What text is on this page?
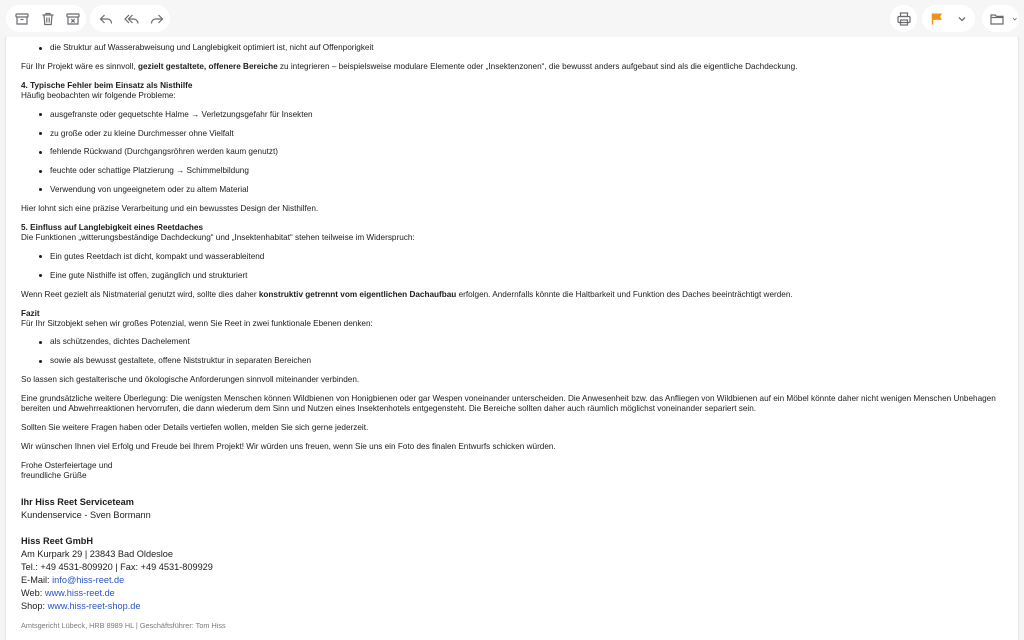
die Struktur auf Wasserabweisung und Langlebigkeit optimiert ist, nicht auf Offenporigkeit

Für Ihr Projekt wäre es sinnvoll, gezielt gestaltete, offenere Bereiche zu integrieren – beispielsweise modulare Elemente oder „Insektenzonen“, die bewusst anders aufgebaut sind als die eigentliche Dachdeckung.

4. Typische Fehler beim Einsatz als Nisthilfe

Häufig beobachten wir folgende Probleme:

ausgefranste oder gequetschte Halme → Verletzungsgefahr für Insekten
zu große oder zu kleine Durchmesser ohne Vielfalt
fehlende Rückwand (Durchgangsröhren werden kaum genutzt)
feuchte oder schattige Platzierung → Schimmelbildung
Verwendung von ungeeignetem oder zu altem Material

Hier lohnt sich eine präzise Verarbeitung und ein bewusstes Design der Nisthilfen.

5. Einfluss auf Langlebigkeit eines Reetdaches

Die Funktionen „witterungsbeständige Dachdeckung“ und „Insektenhabitat“ stehen teilweise im Widerspruch:

Ein gutes Reetdach ist dicht, kompakt und wasserableitend
Eine gute Nisthilfe ist offen, zugänglich und strukturiert

Wenn Reet gezielt als Nistmaterial genutzt wird, sollte dies daher konstruktiv getrennt vom eigentlichen Dachaufbau erfolgen. Andernfalls könnte die Haltbarkeit und Funktion des Daches beeinträchtigt werden.

Fazit

Für Ihr Sitzobjekt sehen wir großes Potenzial, wenn Sie Reet in zwei funktionale Ebenen denken:

als schützendes, dichtes Dachelement
sowie als bewusst gestaltete, offene Niststruktur in separaten Bereichen

So lassen sich gestalterische und ökologische Anforderungen sinnvoll miteinander verbinden.

Eine grundsätzliche weitere Überlegung: Die wenigsten Menschen können Wildbienen von Honigbienen oder gar Wespen voneinander unterscheiden. Die Anwesenheit bzw. das Anfliegen von Wildbienen auf ein Möbel könnte daher nicht wenigen Menschen Unbehagen bereiten und Abwehrreaktionen hervorrufen, die dann wiederum dem Sinn und Nutzen eines Insektenhotels entgegensteht. Die Bereiche sollten daher auch räumlich möglichst voneinander separiert sein.

Sollten Sie weitere Fragen haben oder Details vertiefen wollen, melden Sie sich gerne jederzeit.

Wir wünschen Ihnen viel Erfolg und Freude bei Ihrem Projekt! Wir würden uns freuen, wenn Sie uns ein Foto des finalen Entwurfs schicken würden.

Frohe Osterfeiertage und

freundliche Grüße

Ihr Hiss Reet Serviceteam

Kundenservice - Sven Bormann

Hiss Reet GmbH

Am Kurpark 29 | 23843 Bad Oldesloe

Tel.: +49 4531-809920 | Fax: +49 4531-809929

E-Mail: info@hiss-reet.de

Web: www.hiss-reet.de

Shop: www.hiss-reet-shop.de

Amtsgericht Lübeck, HRB 8989 HL | Geschäftsführer: Tom Hiss
